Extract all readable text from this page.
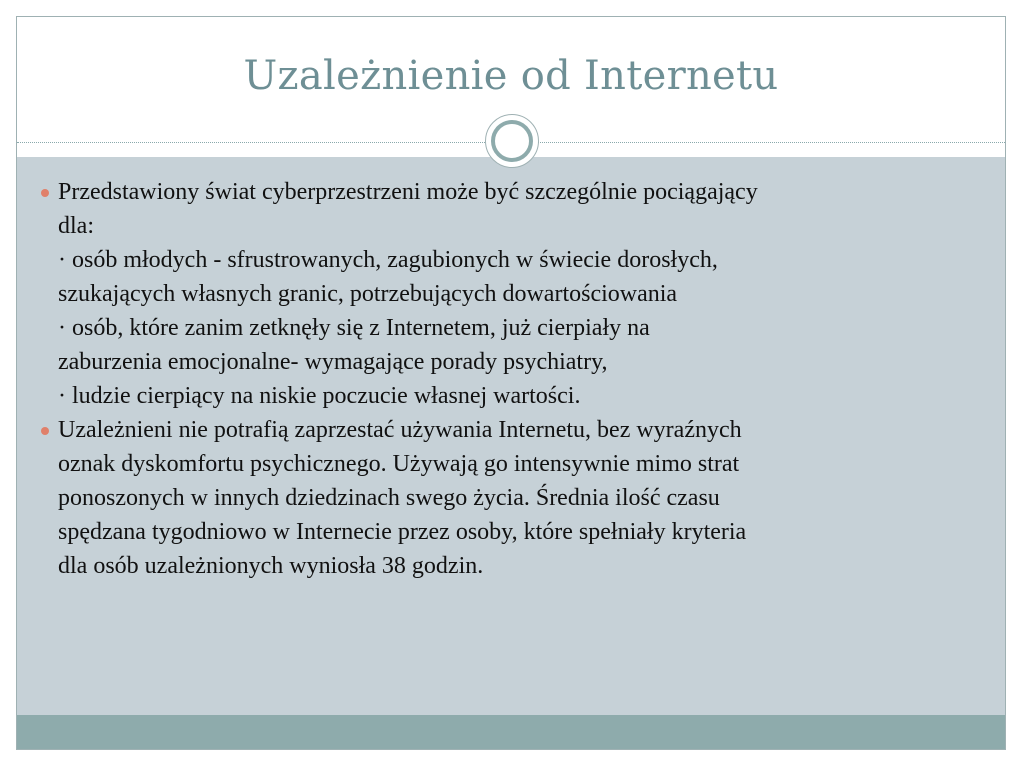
Uzależnienie od Internetu
Przedstawiony świat cyberprzestrzeni może być szczególnie pociągający
dla:
· osób młodych - sfrustrowanych, zagubionych w świecie dorosłych,
szukających własnych granic, potrzebujących dowartościowania
· osób, które zanim zetknęły się z Internetem, już cierpiały na
zaburzenia emocjonalne- wymagające porady psychiatry,
· ludzie cierpiący na niskie poczucie własnej wartości.
Uzależnieni nie potrafią zaprzestać używania Internetu, bez wyraźnych
oznak dyskomfortu psychicznego. Używają go intensywnie mimo strat
ponoszonych w innych dziedzinach swego życia. Średnia ilość czasu
spędzana tygodniowo w Internecie przez osoby, które spełniały kryteria
dla osób uzależnionych wyniosła 38 godzin.
